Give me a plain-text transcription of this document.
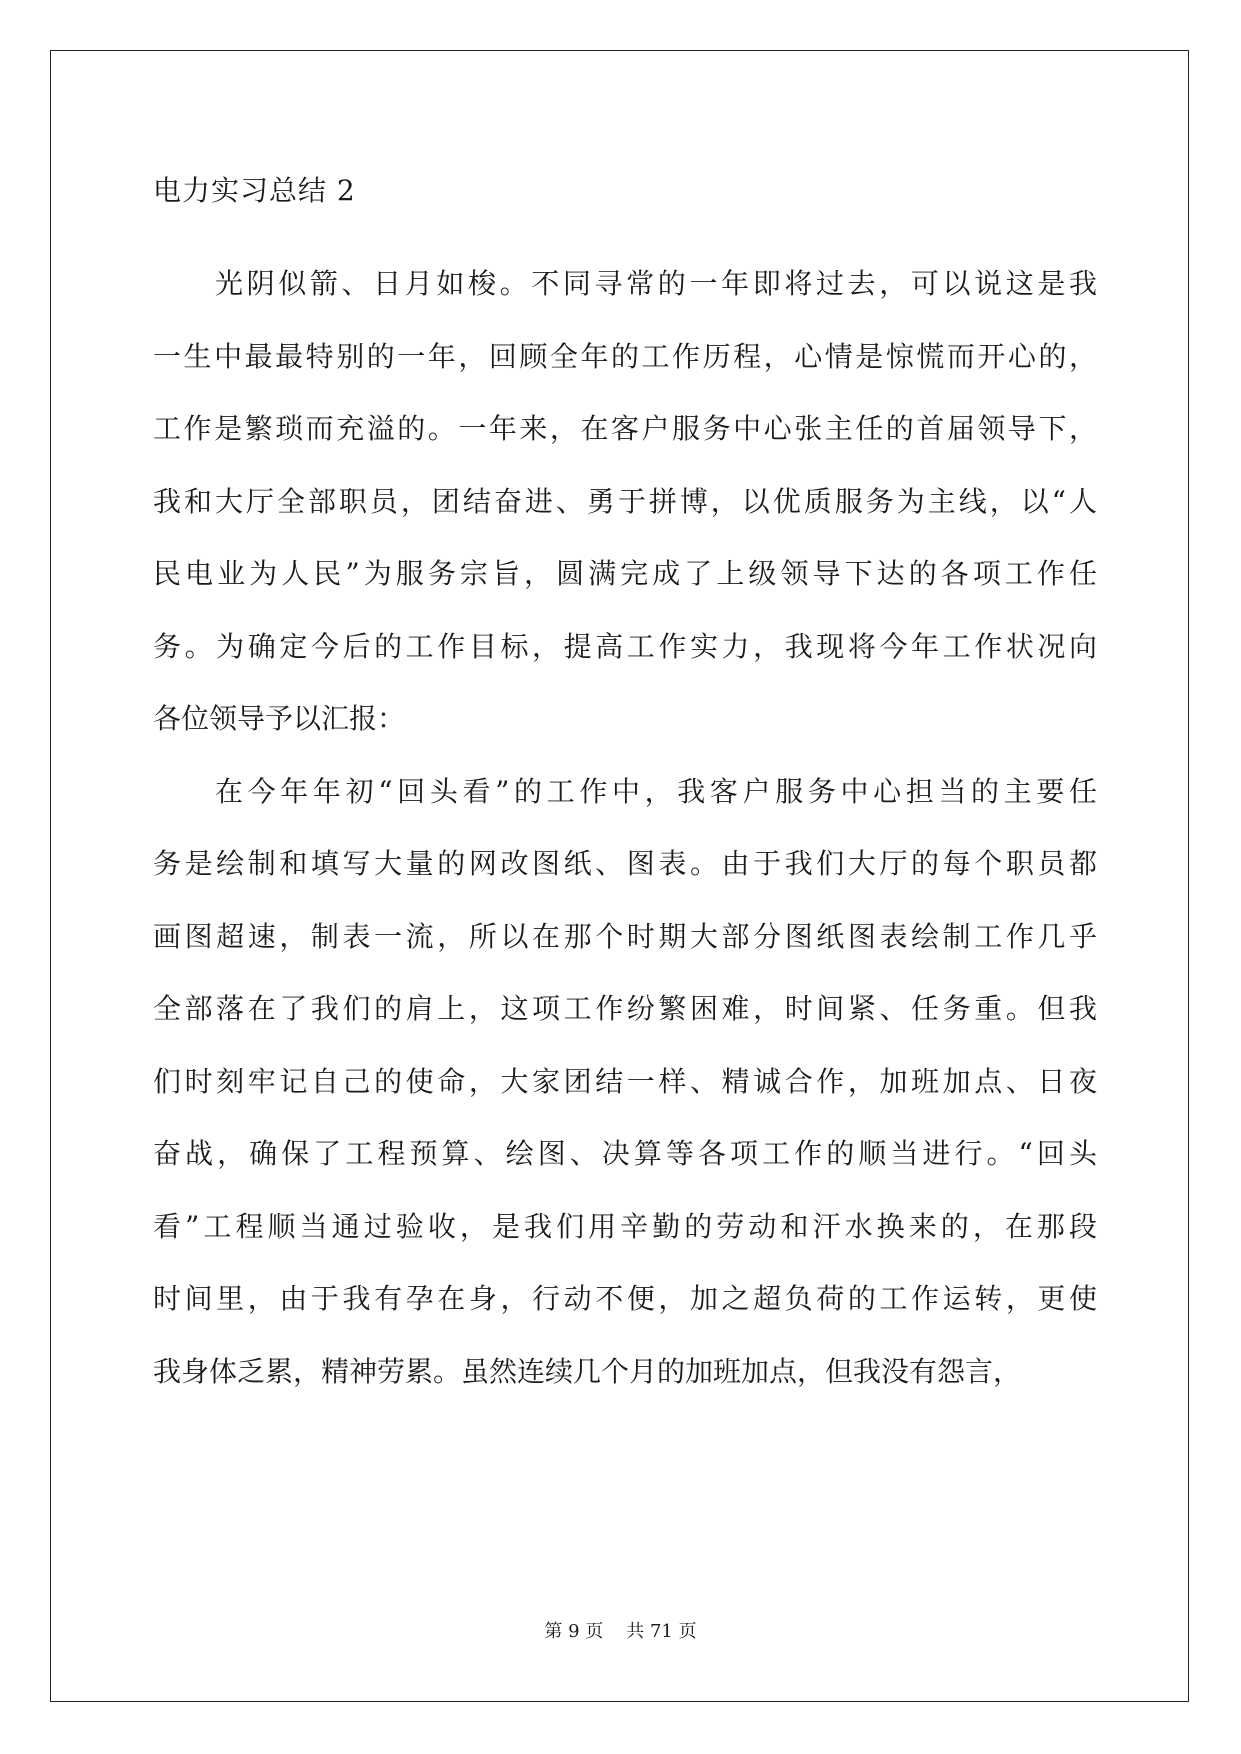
电力实习总结 2
光阴似箭、日月如梭。不同寻常的一年即将过去，可以说这是我
一生中最最特别的一年，回顾全年的工作历程，心情是惊慌而开心的，
工作是繁琐而充溢的。一年来，在客户服务中心张主任的首届领导下，
我和大厅全部职员，团结奋进、勇于拼博，以优质服务为主线，以“人
民电业为人民”为服务宗旨，圆满完成了上级领导下达的各项工作任
务。为确定今后的工作目标，提高工作实力，我现将今年工作状况向
各位领导予以汇报：
在今年年初“回头看”的工作中，我客户服务中心担当的主要任
务是绘制和填写大量的网改图纸、图表。由于我们大厅的每个职员都
画图超速，制表一流，所以在那个时期大部分图纸图表绘制工作几乎
全部落在了我们的肩上，这项工作纷繁困难，时间紧、任务重。但我
们时刻牢记自己的使命，大家团结一样、精诚合作，加班加点、日夜
奋战，确保了工程预算、绘图、决算等各项工作的顺当进行。“回头
看”工程顺当通过验收，是我们用辛勤的劳动和汗水换来的，在那段
时间里，由于我有孕在身，行动不便，加之超负荷的工作运转，更使
我身体乏累，精神劳累。虽然连续几个月的加班加点，但我没有怨言，
第 9 页 共 71 页
